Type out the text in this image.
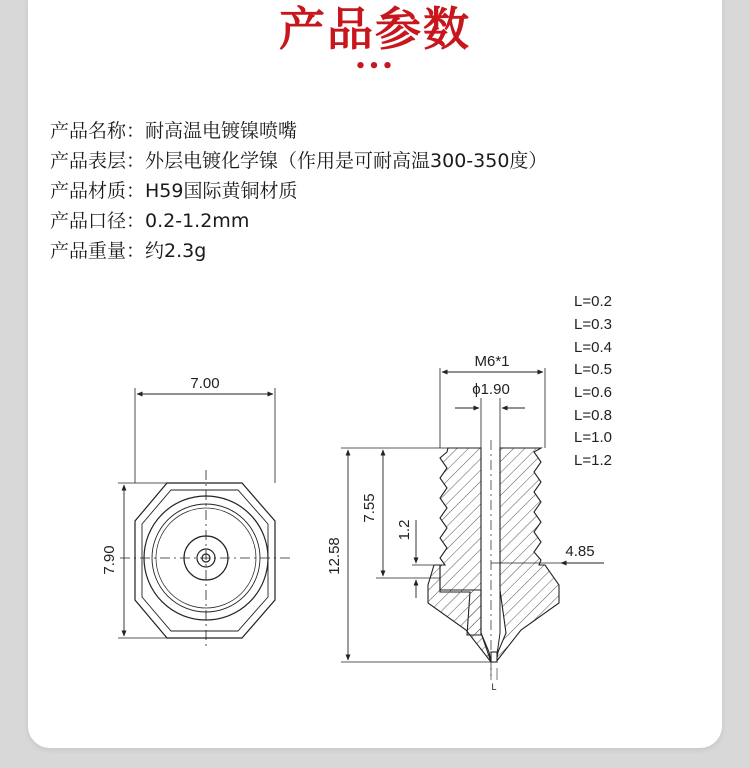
产品参数
•••
产品名称：耐高温电镀镍喷嘴
产品表层：外层电镀化学镍（作用是可耐高温300-350度）
产品材质：H59国际黄铜材质
产品口径：0.2-1.2mm
产品重量：约2.3g
7.00
7.90
M6*1
ϕ1.90
12.58
7.55
1.2
4.85
L
L=0.2
L=0.3
L=0.4
L=0.5
L=0.6
L=0.8
L=1.0
L=1.2
